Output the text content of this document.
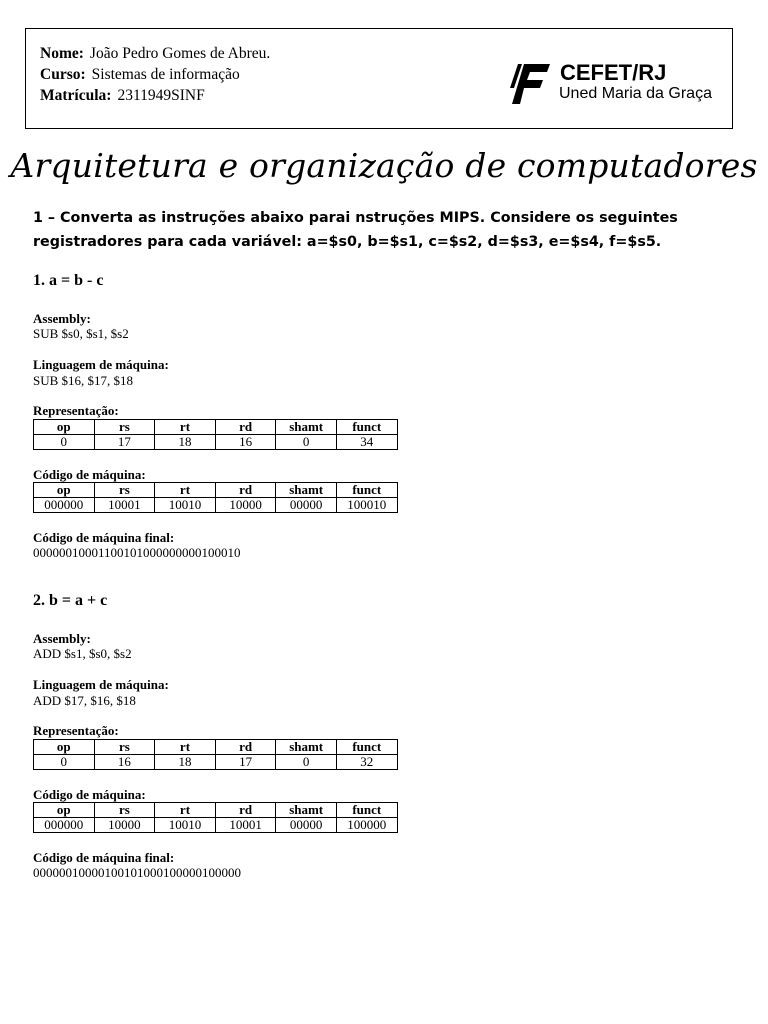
Nome: João Pedro Gomes de Abreu.
Curso: Sistemas de informação
Matrícula: 2311949SINF
CEFET/RJ
Uned Maria da Graça
Arquitetura e organização de computadores
1 – Converta as instruções abaixo parai nstruções MIPS. Considere os seguintes registradores para cada variável: a=$s0, b=$s1, c=$s2, d=$s3, e=$s4, f=$s5.
1. a = b - c
Assembly:
SUB $s0, $s1, $s2
Linguagem de máquina:
SUB $16, $17, $18
Representação:
op	rs	rt	rd	shamt	funct
0	17	18	16	0	34
Código de máquina:
op	rs	rt	rd	shamt	funct
000000	10001	10010	10000	00000	100010
Código de máquina final:
00000010001100101000000000100010
2. b = a + c
Assembly:
ADD $s1, $s0, $s2
Linguagem de máquina:
ADD $17, $16, $18
Representação:
op	rs	rt	rd	shamt	funct
0	16	18	17	0	32
Código de máquina:
op	rs	rt	rd	shamt	funct
000000	10000	10010	10001	00000	100000
Código de máquina final:
00000010000100101000100000100000
